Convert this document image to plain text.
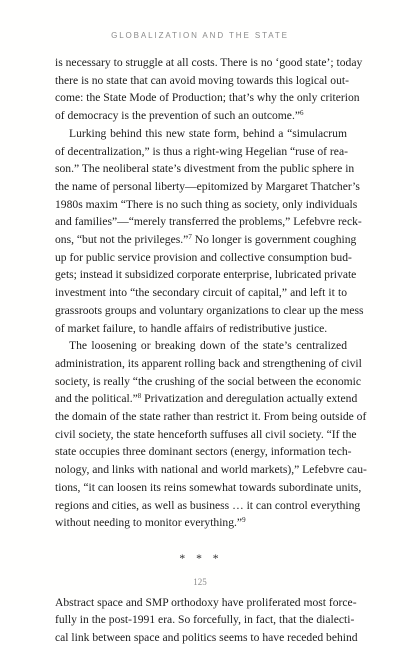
GLOBALIZATION AND THE STATE
is necessary to struggle at all costs. There is no ‘good state’; today
there is no state that can avoid moving towards this logical out-
come: the State Mode of Production; that’s why the only criterion
of democracy is the prevention of such an outcome.”$^6$
Lurking behind this new state form, behind a “simulacrum
of decentralization,” is thus a right-wing Hegelian “ruse of rea-
son.” The neoliberal state’s divestment from the public sphere in
the name of personal liberty—epitomized by Margaret Thatcher’s
1980s maxim “There is no such thing as society, only individuals
and families”—“merely transferred the problems,” Lefebvre reck-
ons, “but not the privileges.”$^7$ No longer is government coughing
up for public service provision and collective consumption bud-
gets; instead it subsidized corporate enterprise, lubricated private
investment into “the secondary circuit of capital,” and left it to
grassroots groups and voluntary organizations to clear up the mess
of market failure, to handle affairs of redistributive justice.
The loosening or breaking down of the state’s centralized
administration, its apparent rolling back and strengthening of civil
society, is really “the crushing of the social between the economic
and the political.”$^8$ Privatization and deregulation actually extend
the domain of the state rather than restrict it. From being outside of
civil society, the state henceforth suffuses all civil society. “If the
state occupies three dominant sectors (energy, information tech-
nology, and links with national and world markets),” Lefebvre cau-
tions, “it can loosen its reins somewhat towards subordinate units,
regions and cities, as well as business … it can control everything
without needing to monitor everything.”$^9$
* * *
Abstract space and SMP orthodoxy have proliferated most force-
fully in the post-1991 era. So forcefully, in fact, that the dialecti-
cal link between space and politics seems to have receded behind
125
